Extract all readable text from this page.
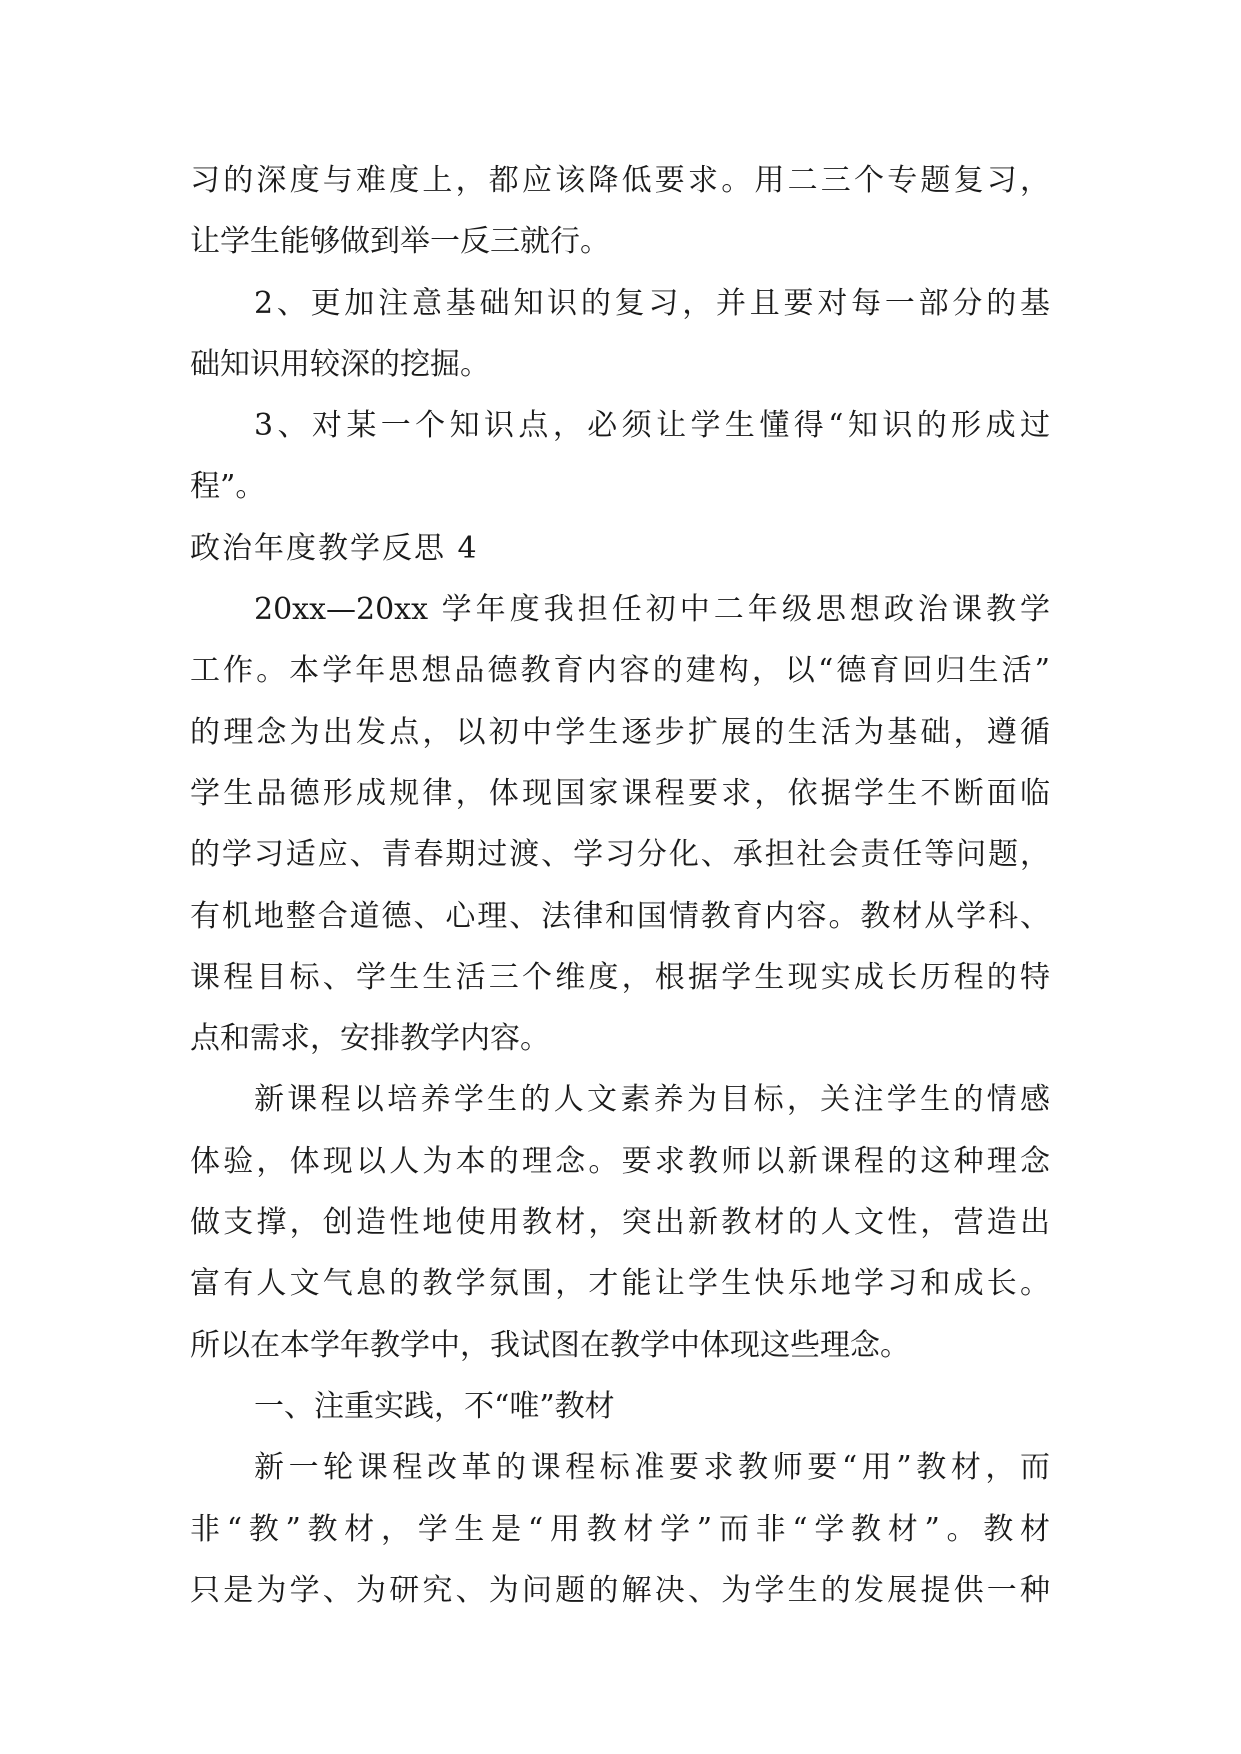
习的深度与难度上，都应该降低要求。用二三个专题复习，
让学生能够做到举一反三就行。
2、更加注意基础知识的复习，并且要对每一部分的基
础知识用较深的挖掘。
3、对某一个知识点，必须让学生懂得“知识的形成过
程”。
政治年度教学反思 4
20xx—20xx 学年度我担任初中二年级思想政治课教学
工作。本学年思想品德教育内容的建构，以“德育回归生活”
的理念为出发点，以初中学生逐步扩展的生活为基础，遵循
学生品德形成规律，体现国家课程要求，依据学生不断面临
的学习适应、青春期过渡、学习分化、承担社会责任等问题，
有机地整合道德、心理、法律和国情教育内容。教材从学科、
课程目标、学生生活三个维度，根据学生现实成长历程的特
点和需求，安排教学内容。
新课程以培养学生的人文素养为目标，关注学生的情感
体验，体现以人为本的理念。要求教师以新课程的这种理念
做支撑，创造性地使用教材，突出新教材的人文性，营造出
富有人文气息的教学氛围，才能让学生快乐地学习和成长。
所以在本学年教学中，我试图在教学中体现这些理念。
一、注重实践，不“唯”教材
新一轮课程改革的课程标准要求教师要“用”教材，而
非“教”教材，学生是“用教材学”而非“学教材”。教材
只是为学、为研究、为问题的解决、为学生的发展提供一种
